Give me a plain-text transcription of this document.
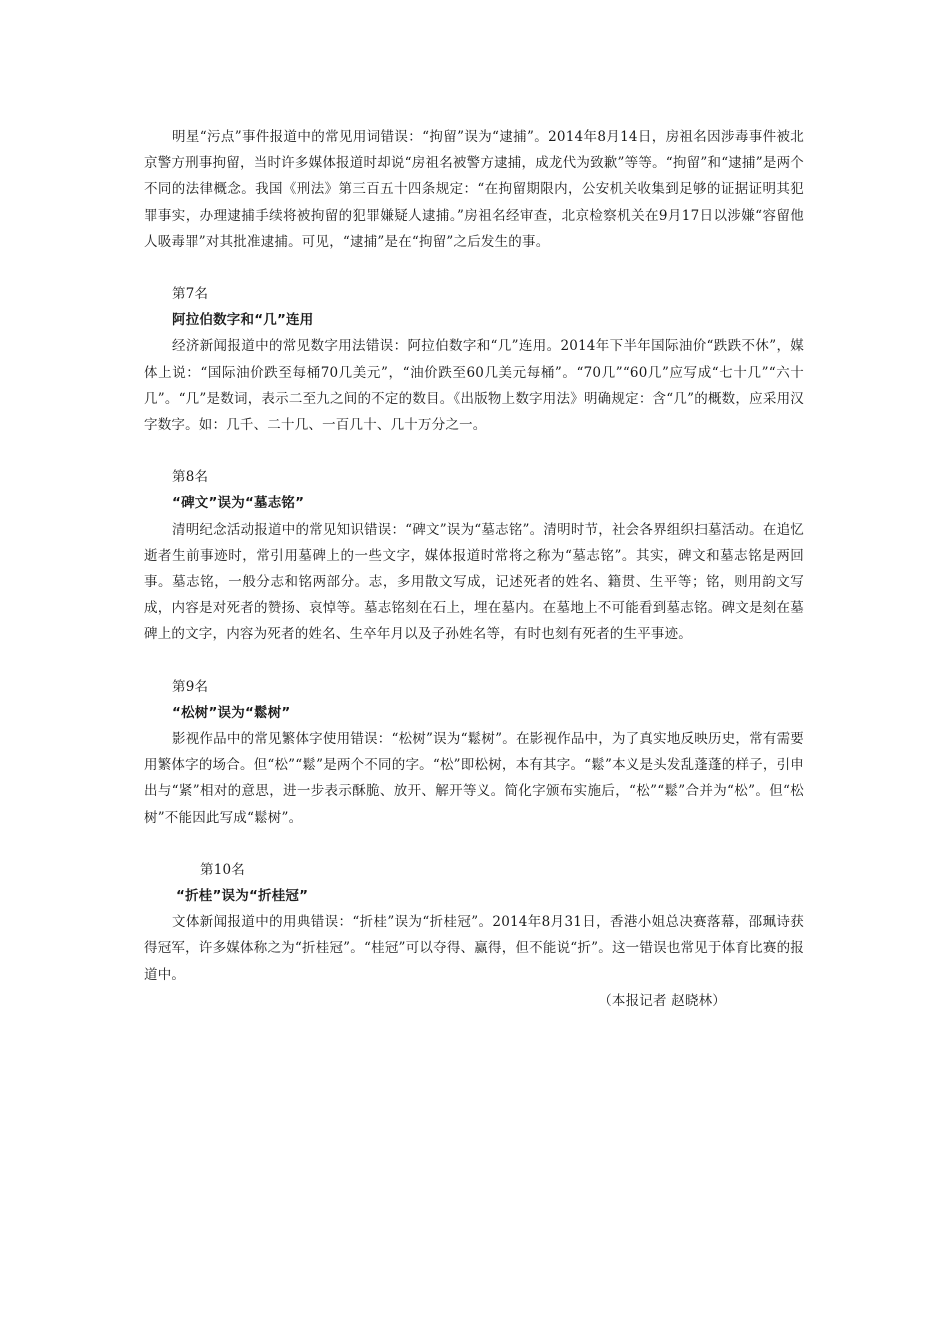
明星“污点”事件报道中的常见用词错误：“拘留”误为“逮捕”。2014年8月14日，房祖名因涉毒事件被北京警方刑事拘留，当时许多媒体报道时却说“房祖名被警方逮捕，成龙代为致歉”等等。“拘留”和“逮捕”是两个不同的法律概念。我国《刑法》第三百五十四条规定：“在拘留期限内，公安机关收集到足够的证据证明其犯罪事实，办理逮捕手续将被拘留的犯罪嫌疑人逮捕。”房祖名经审查，北京检察机关在9月17日以涉嫌“容留他人吸毒罪”对其批准逮捕。可见，“逮捕”是在“拘留”之后发生的事。

第7名

阿拉伯数字和“几”连用

经济新闻报道中的常见数字用法错误：阿拉伯数字和“几”连用。2014年下半年国际油价“跌跌不休”，媒体上说：“国际油价跌至每桶70几美元”，“油价跌至60几美元每桶”。“70几”“60几”应写成“七十几”“六十几”。“几”是数词，表示二至九之间的不定的数目。《出版物上数字用法》明确规定：含“几”的概数，应采用汉字数字。如：几千、二十几、一百几十、几十万分之一。

第8名

“碑文”误为“墓志铭”

清明纪念活动报道中的常见知识错误：“碑文”误为“墓志铭”。清明时节，社会各界组织扫墓活动。在追忆逝者生前事迹时，常引用墓碑上的一些文字，媒体报道时常将之称为“墓志铭”。其实，碑文和墓志铭是两回事。墓志铭，一般分志和铭两部分。志，多用散文写成，记述死者的姓名、籍贯、生平等；铭，则用韵文写成，内容是对死者的赞扬、哀悼等。墓志铭刻在石上，埋在墓内。在墓地上不可能看到墓志铭。碑文是刻在墓碑上的文字，内容为死者的姓名、生卒年月以及子孙姓名等，有时也刻有死者的生平事迹。

第9名

“松树”误为“鬆树”

影视作品中的常见繁体字使用错误：“松树”误为“鬆树”。在影视作品中，为了真实地反映历史，常有需要用繁体字的场合。但“松”“鬆”是两个不同的字。“松”即松树，本有其字。“鬆”本义是头发乱蓬蓬的样子，引申出与“紧”相对的意思，进一步表示酥脆、放开、解开等义。简化字颁布实施后，“松”“鬆”合并为“松”。但“松树”不能因此写成“鬆树”。

第10名

“折桂”误为“折桂冠”

文体新闻报道中的用典错误：“折桂”误为“折桂冠”。2014年8月31日，香港小姐总决赛落幕，邵珮诗获得冠军，许多媒体称之为“折桂冠”。“桂冠”可以夺得、赢得，但不能说“折”。这一错误也常见于体育比赛的报道中。

（本报记者 赵晓林）
